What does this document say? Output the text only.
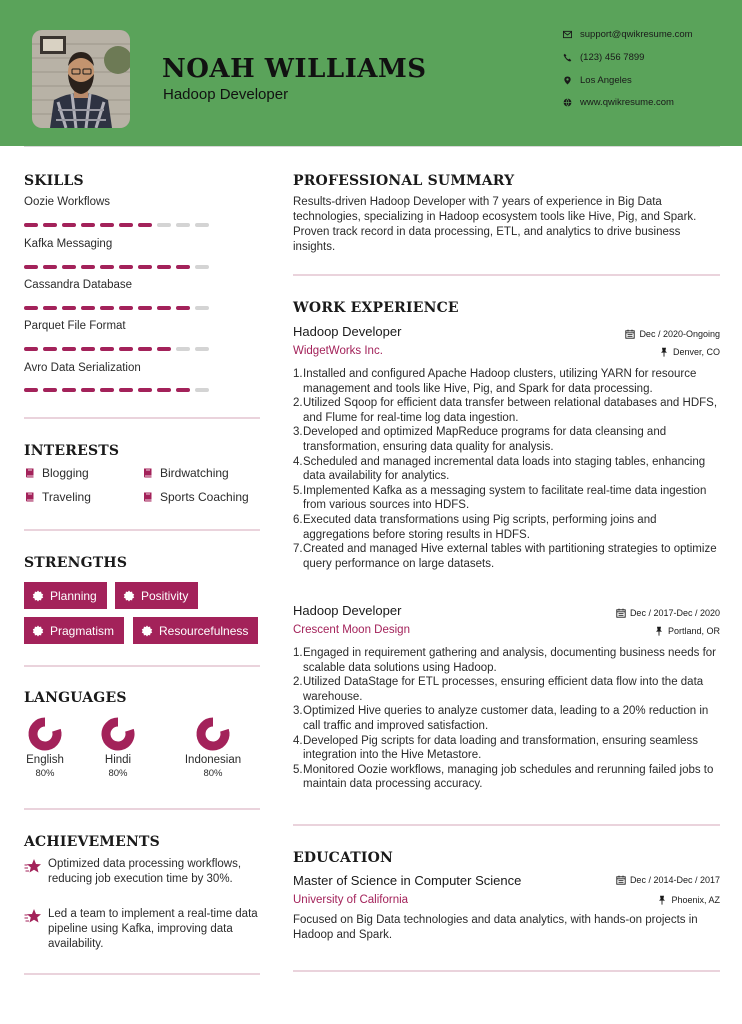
NOAH WILLIAMS
Hadoop Developer
support@qwikresume.com
(123) 456 7899
Los Angeles
www.qwikresume.com
SKILLS
Oozie Workflows
Kafka Messaging
Cassandra Database
Parquet File Format
Avro Data Serialization
INTERESTS
Blogging	Birdwatching
Traveling	Sports Coaching
STRENGTHS
Planning	Positivity
Pragmatism	Resourcefulness
LANGUAGES
English
80%
Hindi
80%
Indonesian
80%
ACHIEVEMENTS
Optimized data processing workflows, reducing job execution time by 30%.
Led a team to implement a real-time data pipeline using Kafka, improving data availability.
PROFESSIONAL SUMMARY
Results-driven Hadoop Developer with 7 years of experience in Big Data technologies, specializing in Hadoop ecosystem tools like Hive, Pig, and Spark. Proven track record in data processing, ETL, and analytics to drive business insights.
WORK EXPERIENCE
Hadoop Developer	Dec / 2020-Ongoing
WidgetWorks Inc.	Denver, CO
Installed and configured Apache Hadoop clusters, utilizing YARN for resource management and tools like Hive, Pig, and Spark for data processing.
Utilized Sqoop for efficient data transfer between relational databases and HDFS, and Flume for real-time log data ingestion.
Developed and optimized MapReduce programs for data cleansing and transformation, ensuring data quality for analysis.
Scheduled and managed incremental data loads into staging tables, enhancing data availability for analytics.
Implemented Kafka as a messaging system to facilitate real-time data ingestion from various sources into HDFS.
Executed data transformations using Pig scripts, performing joins and aggregations before storing results in HDFS.
Created and managed Hive external tables with partitioning strategies to optimize query performance on large datasets.
Hadoop Developer	Dec / 2017-Dec / 2020
Crescent Moon Design	Portland, OR
Engaged in requirement gathering and analysis, documenting business needs for scalable data solutions using Hadoop.
Utilized DataStage for ETL processes, ensuring efficient data flow into the data warehouse.
Optimized Hive queries to analyze customer data, leading to a 20% reduction in call traffic and improved satisfaction.
Developed Pig scripts for data loading and transformation, ensuring seamless integration into the Hive Metastore.
Monitored Oozie workflows, managing job schedules and rerunning failed jobs to maintain data processing accuracy.
EDUCATION
Master of Science in Computer Science	Dec / 2014-Dec / 2017
University of California	Phoenix, AZ
Focused on Big Data technologies and data analytics, with hands-on projects in Hadoop and Spark.
